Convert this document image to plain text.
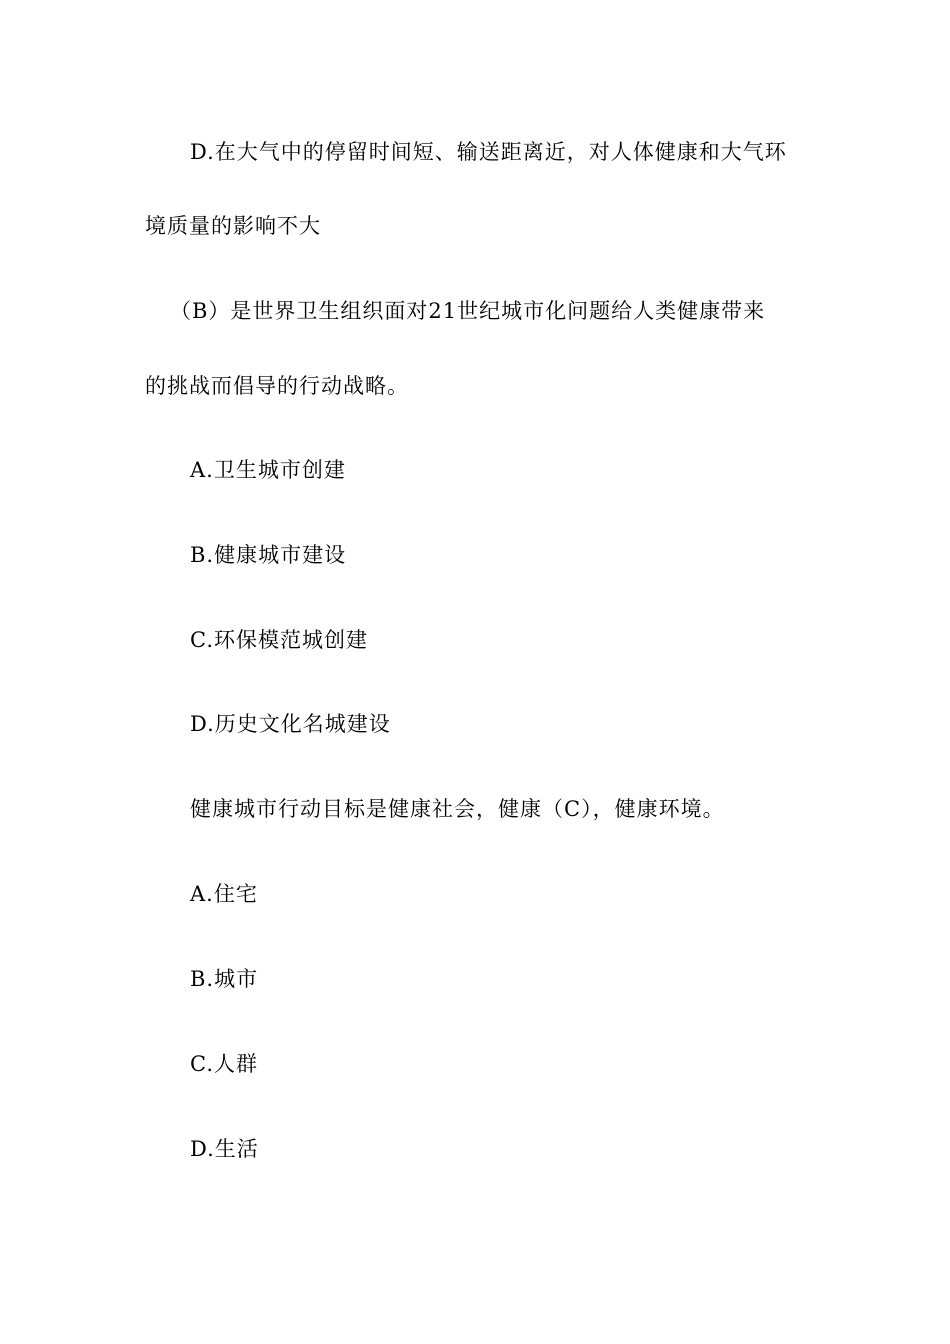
D.在大气中的停留时间短、输送距离近，对人体健康和大气环
境质量的影响不大
（B）是世界卫生组织面对21世纪城市化问题给人类健康带来
的挑战而倡导的行动战略。
A.卫生城市创建
B.健康城市建设
C.环保模范城创建
D.历史文化名城建设
健康城市行动目标是健康社会，健康（C），健康环境。
A.住宅
B.城市
C.人群
D.生活
